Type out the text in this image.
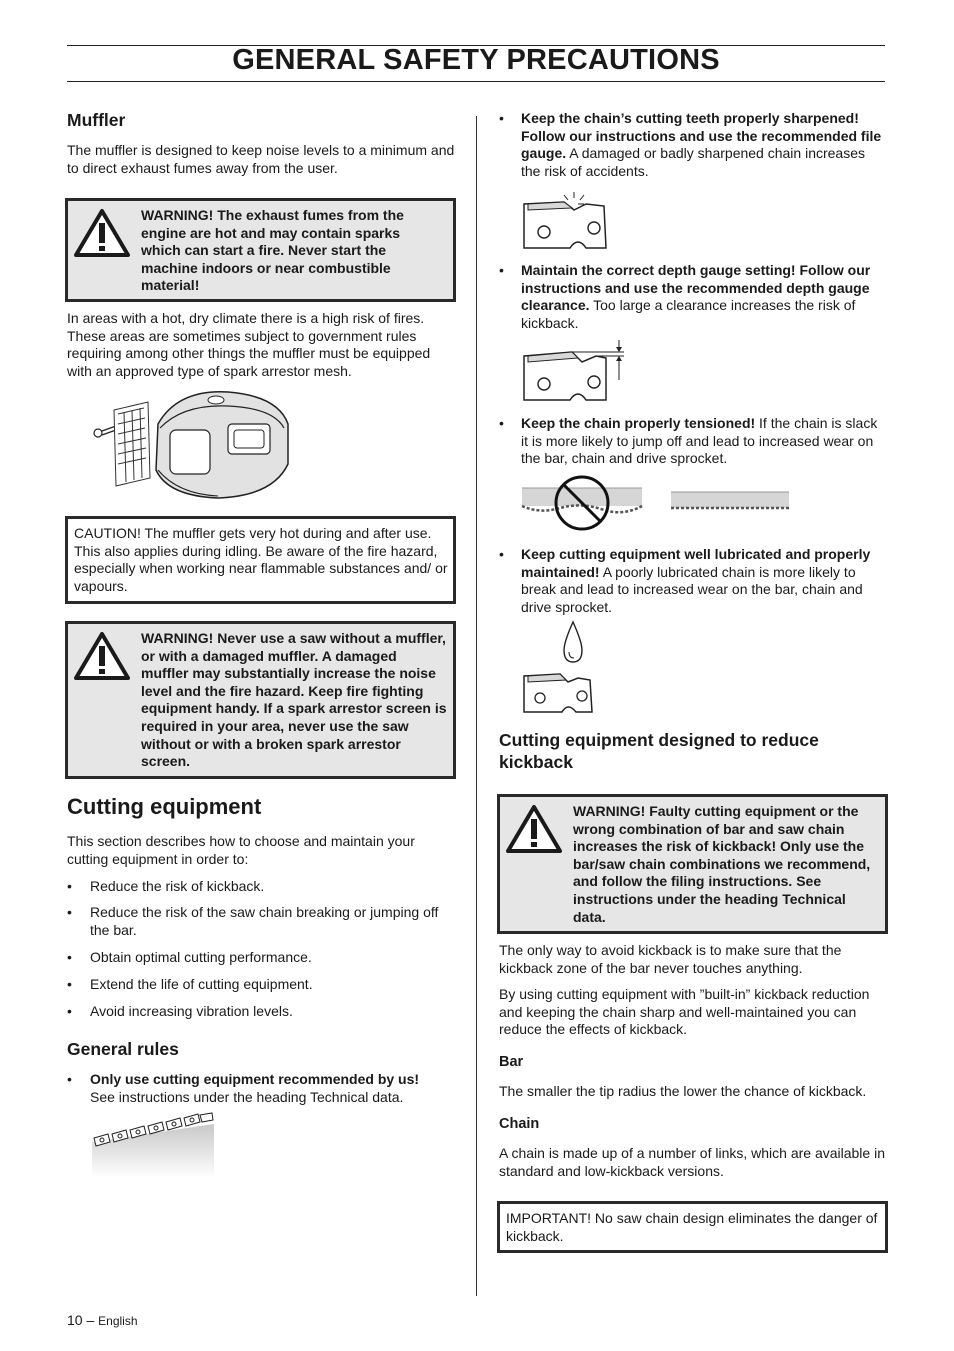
GENERAL SAFETY PRECAUTIONS
Muffler
The muffler is designed to keep noise levels to a minimum and to direct exhaust fumes away from the user.
WARNING! The exhaust fumes from the engine are hot and may contain sparks which can start a fire. Never start the machine indoors or near combustible material!
In areas with a hot, dry climate there is a high risk of fires. These areas are sometimes subject to government rules requiring among other things the muffler must be equipped with an approved type of spark arrestor mesh.
CAUTION! The muffler gets very hot during and after use. This also applies during idling. Be aware of the fire hazard, especially when working near flammable substances and/ or vapours.
WARNING! Never use a saw without a muffler, or with a damaged muffler. A damaged muffler may substantially increase the noise level and the fire hazard. Keep fire fighting equipment handy. If a spark arrestor screen is required in your area, never use the saw without or with a broken spark arrestor screen.
Cutting equipment
This section describes how to choose and maintain your cutting equipment in order to:
• Reduce the risk of kickback.
• Reduce the risk of the saw chain breaking or jumping off the bar.
• Obtain optimal cutting performance.
• Extend the life of cutting equipment.
• Avoid increasing vibration levels.
General rules
• Only use cutting equipment recommended by us!
See instructions under the heading Technical data.
• Keep the chain’s cutting teeth properly sharpened! Follow our instructions and use the recommended file gauge. A damaged or badly sharpened chain increases the risk of accidents.
• Maintain the correct depth gauge setting! Follow our instructions and use the recommended depth gauge clearance. Too large a clearance increases the risk of kickback.
• Keep the chain properly tensioned! If the chain is slack it is more likely to jump off and lead to increased wear on the bar, chain and drive sprocket.
• Keep cutting equipment well lubricated and properly maintained! A poorly lubricated chain is more likely to break and lead to increased wear on the bar, chain and drive sprocket.
Cutting equipment designed to reduce kickback
WARNING! Faulty cutting equipment or the wrong combination of bar and saw chain increases the risk of kickback! Only use the bar/saw chain combinations we recommend, and follow the filing instructions. See instructions under the heading Technical data.
The only way to avoid kickback is to make sure that the kickback zone of the bar never touches anything.
By using cutting equipment with ”built-in” kickback reduction and keeping the chain sharp and well-maintained you can reduce the effects of kickback.
Bar
The smaller the tip radius the lower the chance of kickback.
Chain
A chain is made up of a number of links, which are available in standard and low-kickback versions.
IMPORTANT! No saw chain design eliminates the danger of kickback.
10 – English
